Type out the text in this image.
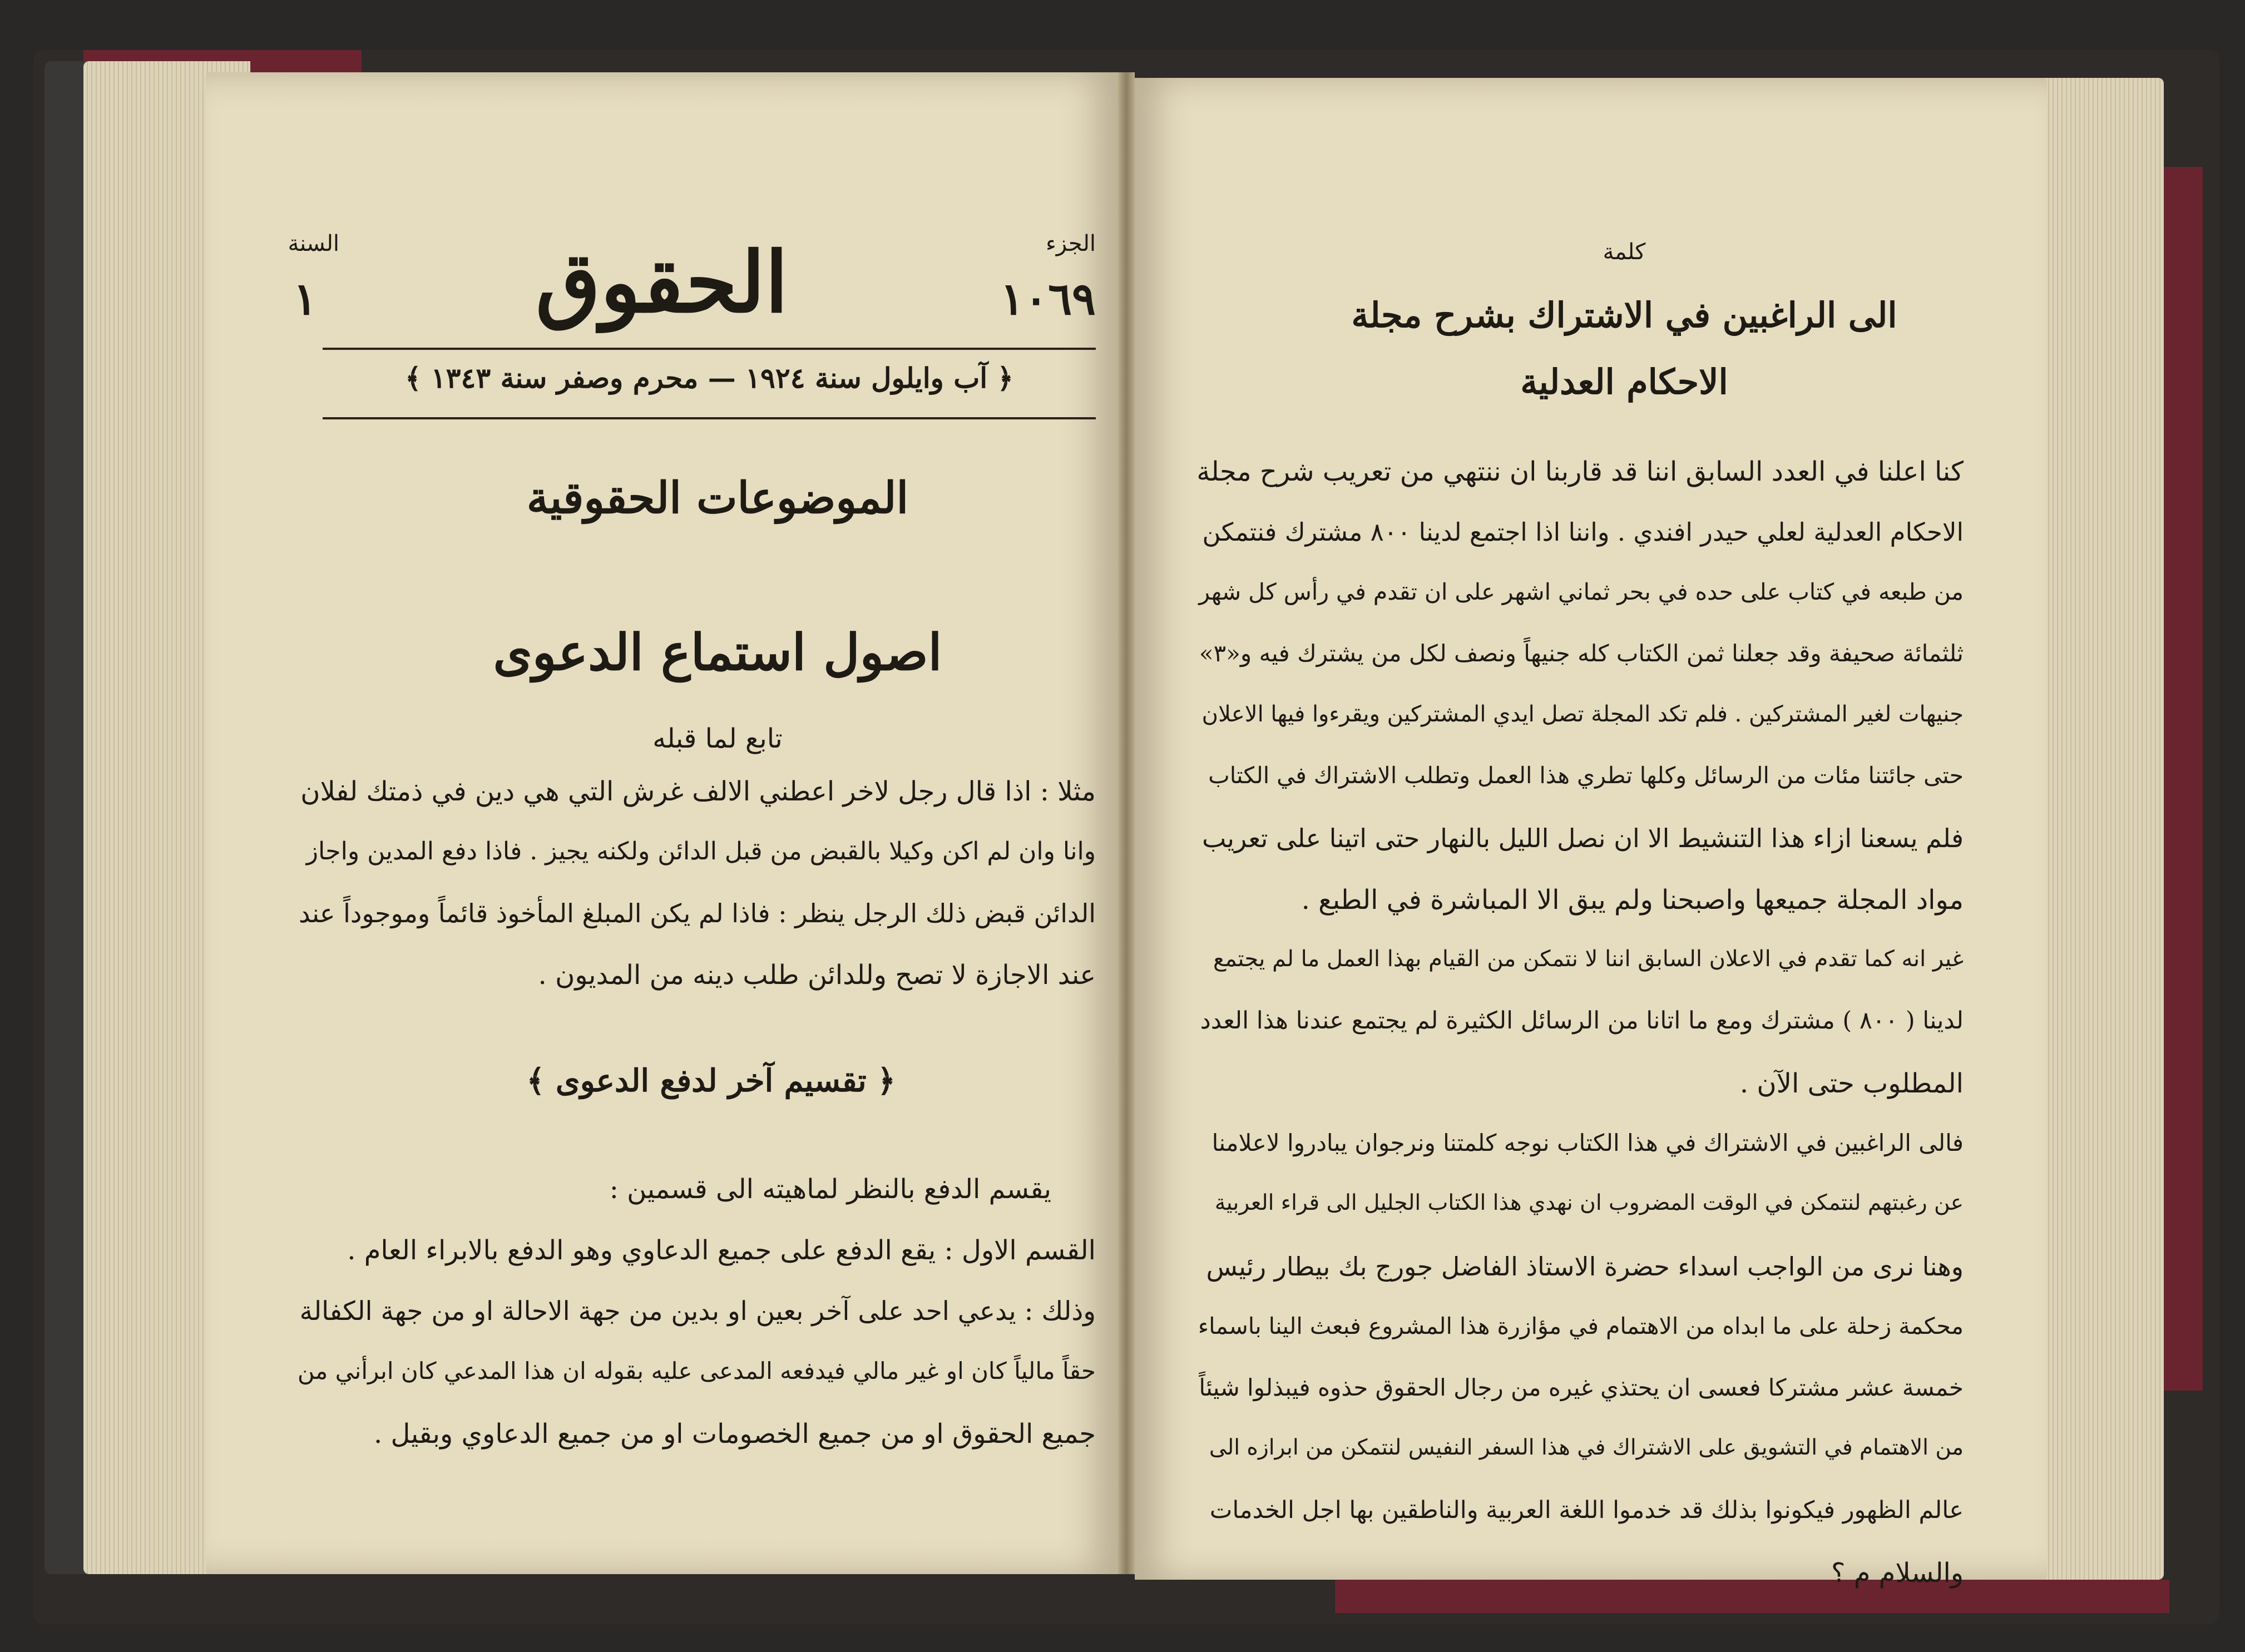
السنة
١	الحقوق	الجزء
١٠٦٩
﴿ آب وايلول سنة ١٩٢٤ — محرم وصفر سنة ١٣٤٣ ﴾
الموضوعات الحقوقية
اصول استماع الدعوى
تابع لما قبله
مثلا : اذا قال رجل لاخر اعطني الالف غرش التي هي دين في ذمتك لفلان
وانا وان لم اكن وكيلا بالقبض من قبل الدائن ولكنه يجيز . فاذا دفع المدين واجاز
الدائن قبض ذلك الرجل ينظر : فاذا لم يكن المبلغ المأخوذ قائماً وموجوداً عند
عند الاجازة لا تصح وللدائن طلب دينه من المديون .
﴿ تقسيم آخر لدفع الدعوى ﴾
يقسم الدفع بالنظر لماهيته الى قسمين :
القسم الاول : يقع الدفع على جميع الدعاوي وهو الدفع بالابراء العام .
وذلك : يدعي احد على آخر بعين او بدين من جهة الاحالة او من جهة الكفالة
حقاً مالياً كان او غير مالي فيدفعه المدعى عليه بقوله ان هذا المدعي كان ابرأني من
جميع الحقوق او من جميع الخصومات او من جميع الدعاوي وبقيل .
كلمة
الى الراغبين في الاشتراك بشرح مجلة
الاحكام العدلية
كنا اعلنا في العدد السابق اننا قد قاربنا ان ننتهي من تعريب شرح مجلة
الاحكام العدلية لعلي حيدر افندي . واننا اذا اجتمع لدينا ٨٠٠ مشترك فنتمكن
من طبعه في كتاب على حده في بحر ثماني اشهر على ان تقدم في رأس كل شهر
ثلثمائة صحيفة وقد جعلنا ثمن الكتاب كله جنيهاً ونصف لكل من يشترك فيه و«٣»
جنيهات لغير المشتركين . فلم تكد المجلة تصل ايدي المشتركين ويقرءوا فيها الاعلان
حتى جائتنا مئات من الرسائل وكلها تطري هذا العمل وتطلب الاشتراك في الكتاب
فلم يسعنا ازاء هذا التنشيط الا ان نصل الليل بالنهار حتى اتينا على تعريب
مواد المجلة جميعها واصبحنا ولم يبق الا المباشرة في الطبع .
غير انه كما تقدم في الاعلان السابق اننا لا نتمكن من القيام بهذا العمل ما لم يجتمع
لدينا ( ٨٠٠ ) مشترك ومع ما اتانا من الرسائل الكثيرة لم يجتمع عندنا هذا العدد
المطلوب حتى الآن .
فالى الراغبين في الاشتراك في هذا الكتاب نوجه كلمتنا ونرجوان يبادروا لاعلامنا
عن رغبتهم لنتمكن في الوقت المضروب ان نهدي هذا الكتاب الجليل الى قراء العربية
وهنا نرى من الواجب اسداء حضرة الاستاذ الفاضل جورج بك بيطار رئيس
محكمة زحلة على ما ابداه من الاهتمام في مؤازرة هذا المشروع فبعث الينا باسماء
خمسة عشر مشتركا فعسى ان يحتذي غيره من رجال الحقوق حذوه فيبذلوا شيئاً
من الاهتمام في التشويق على الاشتراك في هذا السفر النفيس لنتمكن من ابرازه الى
عالم الظهور فيكونوا بذلك قد خدموا اللغة العربية والناطقين بها اجل الخدمات
والسلام م ؟
